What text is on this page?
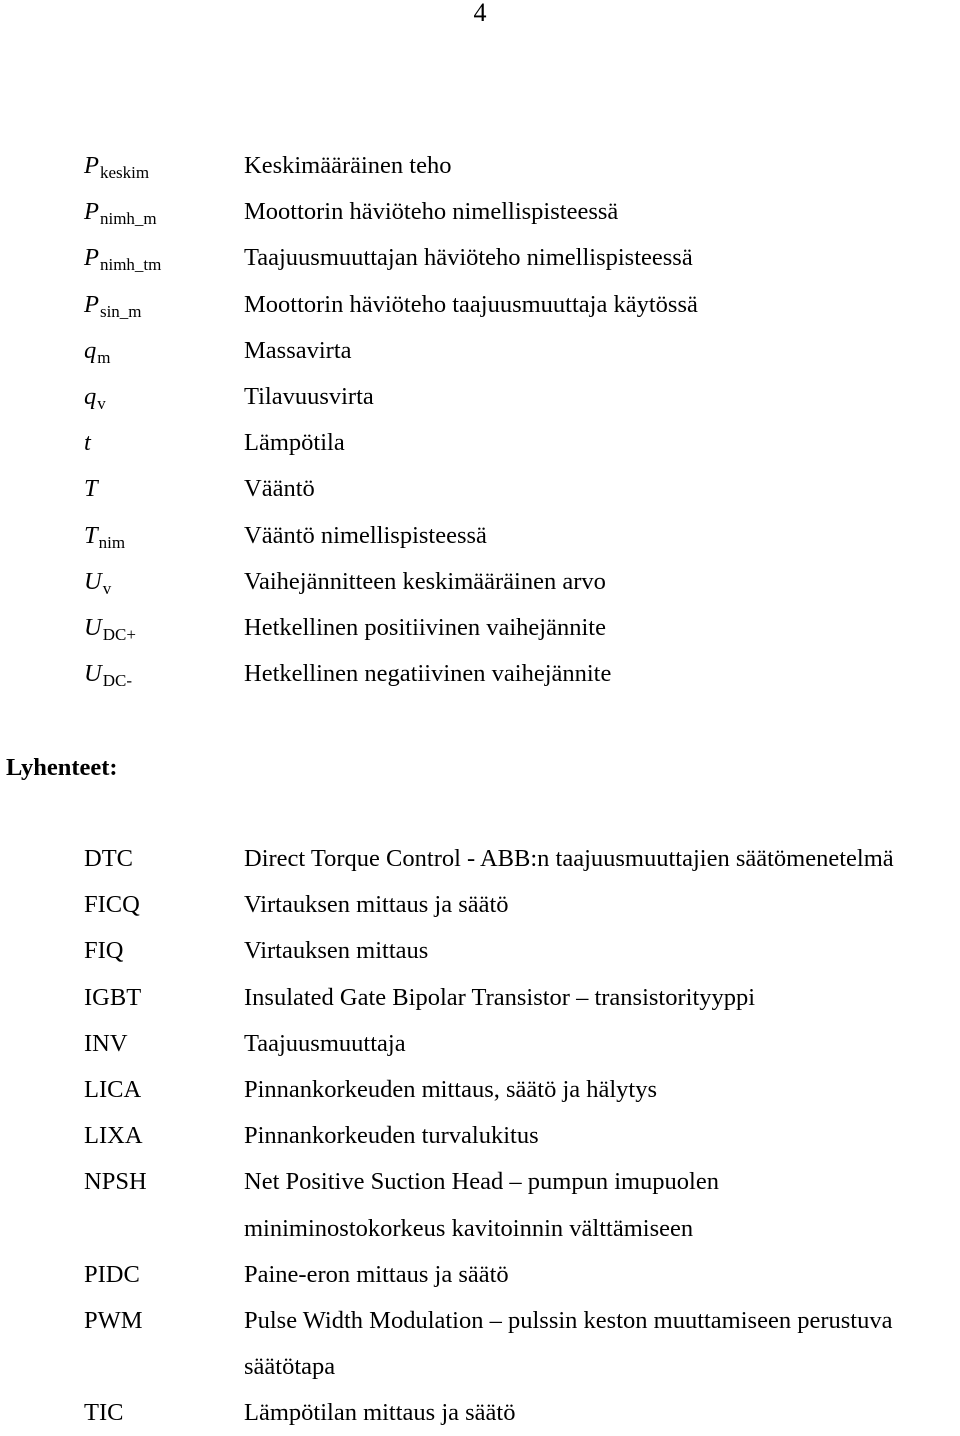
4
$P_{keskim}$	Keskimääräinen teho
$P_{nimh\_m}$	Moottorin häviöteho nimellispisteessä
$P_{nimh\_tm}$	Taajuusmuuttajan häviöteho nimellispisteessä
$P_{sin\_m}$	Moottorin häviöteho taajuusmuuttaja käytössä
$q_m$	Massavirta
$q_v$	Tilavuusvirta
t	Lämpötila
T	Vääntö
$T_{nim}$	Vääntö nimellispisteessä
$U_v$	Vaihejännitteen keskimääräinen arvo
$U_{DC+}$	Hetkellinen positiivinen vaihejännite
$U_{DC-}$	Hetkellinen negatiivinen vaihejännite
Lyhenteet:
DTC	Direct Torque Control - ABB:n taajuusmuuttajien säätömenetelmä
FICQ	Virtauksen mittaus ja säätö
FIQ	Virtauksen mittaus
IGBT	Insulated Gate Bipolar Transistor – transistorityyppi
INV	Taajuusmuuttaja
LICA	Pinnankorkeuden mittaus, säätö ja hälytys
LIXA	Pinnankorkeuden turvalukitus
NPSH	Net Positive Suction Head – pumpun imupuolen
miniminostokorkeus kavitoinnin välttämiseen
PIDC	Paine-eron mittaus ja säätö
PWM	Pulse Width Modulation – pulssin keston muuttamiseen perustuva
säätötapa
TIC	Lämpötilan mittaus ja säätö
